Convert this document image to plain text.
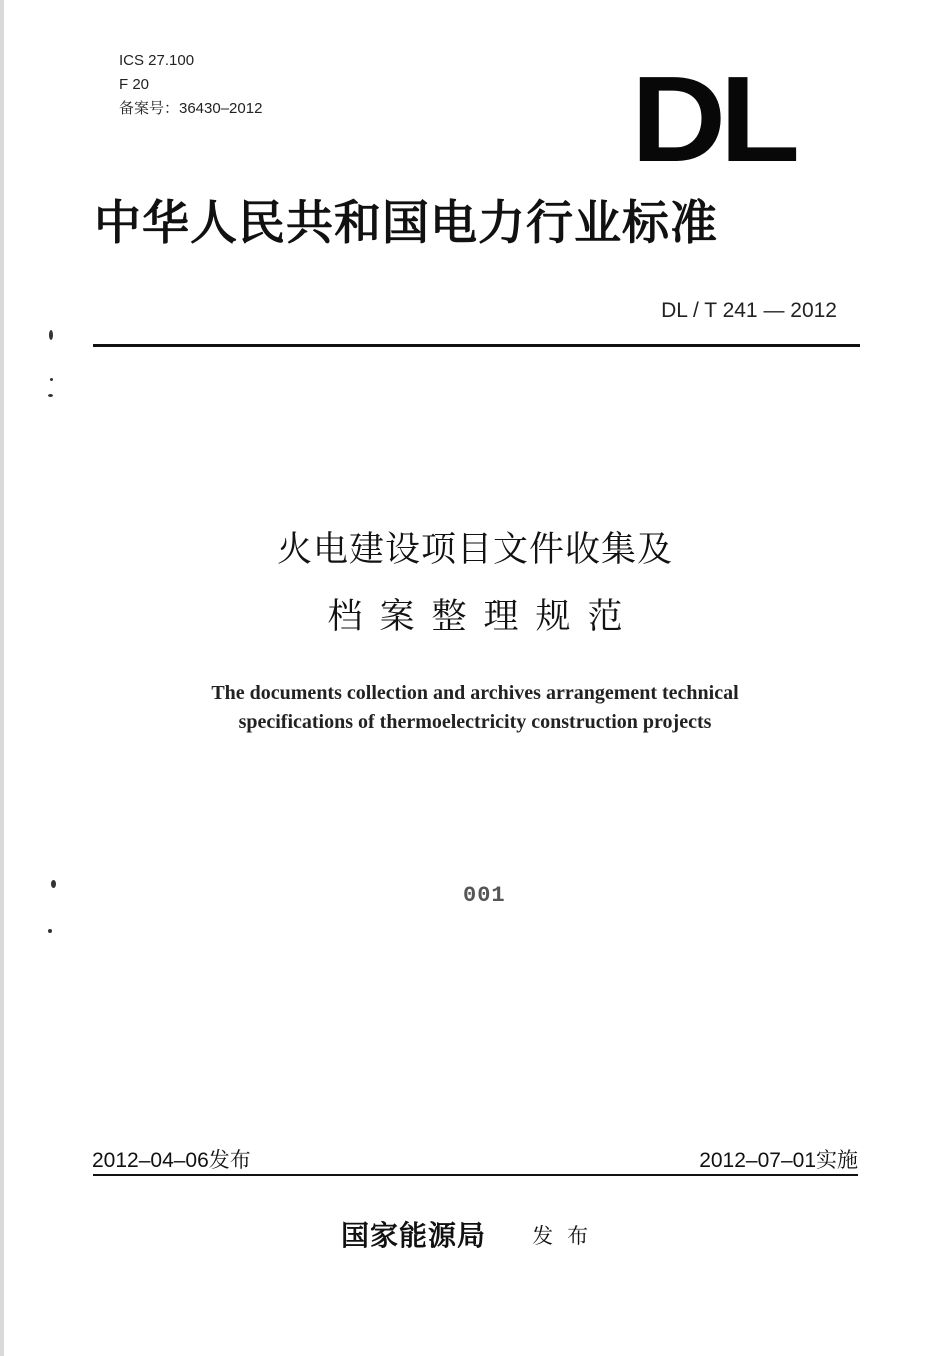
ICS 27.100
F 20
备案号：36430–2012	DL
中华人民共和国电力行业标准
DL / T 241 — 2012
火电建设项目文件收集及
档案整理规范
The documents collection and archives arrangement technical
specifications of thermoelectricity construction projects
001
2012–04–06发布	2012–07–01实施
国家能源局 发布
